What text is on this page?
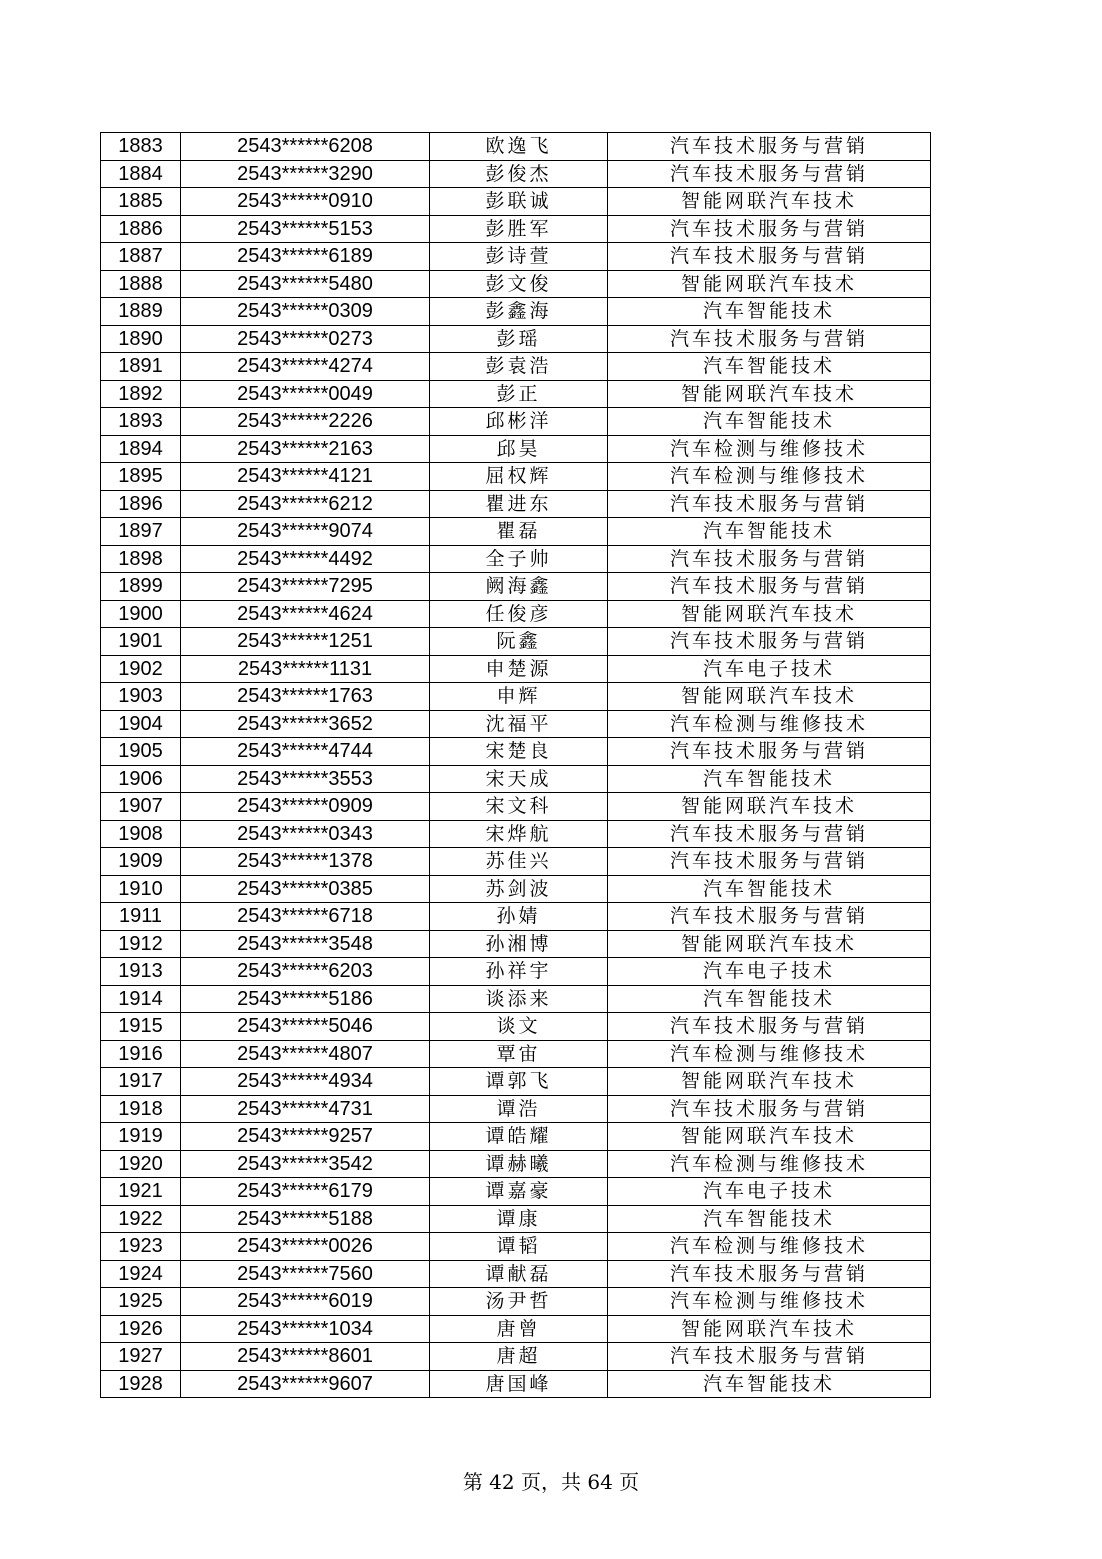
1883	2543******6208	欧逸飞	汽车技术服务与营销
1884	2543******3290	彭俊杰	汽车技术服务与营销
1885	2543******0910	彭联诚	智能网联汽车技术
1886	2543******5153	彭胜军	汽车技术服务与营销
1887	2543******6189	彭诗萱	汽车技术服务与营销
1888	2543******5480	彭文俊	智能网联汽车技术
1889	2543******0309	彭鑫海	汽车智能技术
1890	2543******0273	彭瑶	汽车技术服务与营销
1891	2543******4274	彭袁浩	汽车智能技术
1892	2543******0049	彭正	智能网联汽车技术
1893	2543******2226	邱彬洋	汽车智能技术
1894	2543******2163	邱昊	汽车检测与维修技术
1895	2543******4121	屈权辉	汽车检测与维修技术
1896	2543******6212	瞿进东	汽车技术服务与营销
1897	2543******9074	瞿磊	汽车智能技术
1898	2543******4492	全子帅	汽车技术服务与营销
1899	2543******7295	阙海鑫	汽车技术服务与营销
1900	2543******4624	任俊彦	智能网联汽车技术
1901	2543******1251	阮鑫	汽车技术服务与营销
1902	2543******1131	申楚源	汽车电子技术
1903	2543******1763	申辉	智能网联汽车技术
1904	2543******3652	沈福平	汽车检测与维修技术
1905	2543******4744	宋楚良	汽车技术服务与营销
1906	2543******3553	宋天成	汽车智能技术
1907	2543******0909	宋文科	智能网联汽车技术
1908	2543******0343	宋烨航	汽车技术服务与营销
1909	2543******1378	苏佳兴	汽车技术服务与营销
1910	2543******0385	苏剑波	汽车智能技术
1911	2543******6718	孙婧	汽车技术服务与营销
1912	2543******3548	孙湘博	智能网联汽车技术
1913	2543******6203	孙祥宇	汽车电子技术
1914	2543******5186	谈添来	汽车智能技术
1915	2543******5046	谈文	汽车技术服务与营销
1916	2543******4807	覃宙	汽车检测与维修技术
1917	2543******4934	谭郭飞	智能网联汽车技术
1918	2543******4731	谭浩	汽车技术服务与营销
1919	2543******9257	谭皓耀	智能网联汽车技术
1920	2543******3542	谭赫曦	汽车检测与维修技术
1921	2543******6179	谭嘉豪	汽车电子技术
1922	2543******5188	谭康	汽车智能技术
1923	2543******0026	谭韬	汽车检测与维修技术
1924	2543******7560	谭献磊	汽车技术服务与营销
1925	2543******6019	汤尹哲	汽车检测与维修技术
1926	2543******1034	唐曾	智能网联汽车技术
1927	2543******8601	唐超	汽车技术服务与营销
1928	2543******9607	唐国峰	汽车智能技术
第 42 页，共 64 页
